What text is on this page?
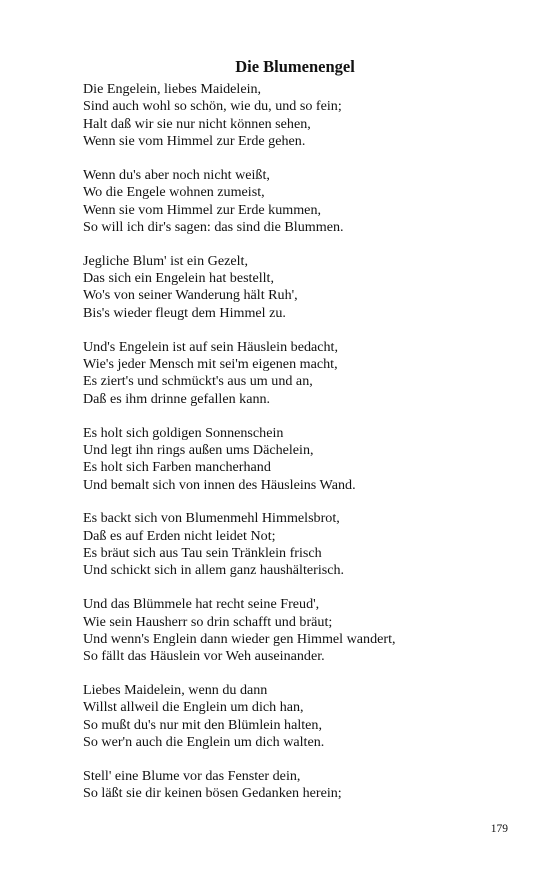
Die Blumenengel
Die Engelein, liebes Maidelein,
Sind auch wohl so schön, wie du, und so fein;
Halt daß wir sie nur nicht können sehen,
Wenn sie vom Himmel zur Erde gehen.
Wenn du's aber noch nicht weißt,
Wo die Engele wohnen zumeist,
Wenn sie vom Himmel zur Erde kummen,
So will ich dir's sagen: das sind die Blummen.
Jegliche Blum' ist ein Gezelt,
Das sich ein Engelein hat bestellt,
Wo's von seiner Wanderung hält Ruh',
Bis's wieder fleugt dem Himmel zu.
Und's Engelein ist auf sein Häuslein bedacht,
Wie's jeder Mensch mit sei'm eigenen macht,
Es ziert's und schmückt's aus um und an,
Daß es ihm drinne gefallen kann.
Es holt sich goldigen Sonnenschein
Und legt ihn rings außen ums Dächelein,
Es holt sich Farben mancherhand
Und bemalt sich von innen des Häusleins Wand.
Es backt sich von Blumenmehl Himmelsbrot,
Daß es auf Erden nicht leidet Not;
Es bräut sich aus Tau sein Tränklein frisch
Und schickt sich in allem ganz haushälterisch.
Und das Blümmele hat recht seine Freud',
Wie sein Hausherr so drin schafft und bräut;
Und wenn's Englein dann wieder gen Himmel wandert,
So fällt das Häuslein vor Weh auseinander.
Liebes Maidelein, wenn du dann
Willst allweil die Englein um dich han,
So mußt du's nur mit den Blümlein halten,
So wer'n auch die Englein um dich walten.
Stell' eine Blume vor das Fenster dein,
So läßt sie dir keinen bösen Gedanken herein;
179
